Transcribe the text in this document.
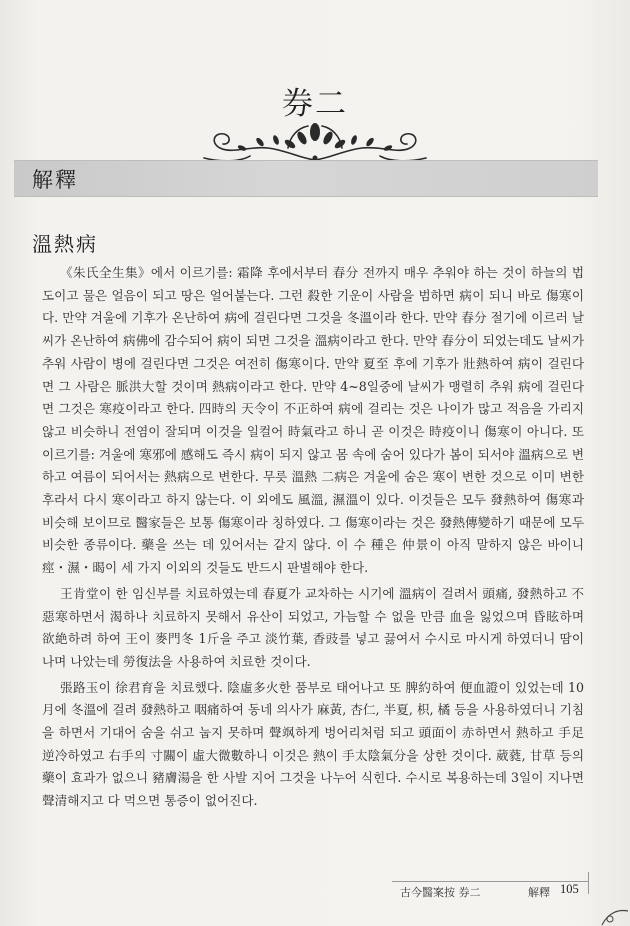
券二
解釋
溫熱病

《朱氏全生集》에서 이르기를: 霜降 후에서부터 春分 전까지 매우 추워야 하는 것이 하늘의 법도이고 물은 얼음이 되고 땅은 얼어붙는다. 그런 殺한 기운이 사람을 범하면 病이 되니 바로 傷寒이다. 만약 겨울에 기후가 온난하여 病에 걸린다면 그것을 冬溫이라 한다. 만약 春分 절기에 이르러 날씨가 온난하여 病佛에 감수되어 病이 되면 그것을 溫病이라고 한다. 만약 春分이 되었는데도 날씨가 추워 사람이 병에 걸린다면 그것은 여전히 傷寒이다. 만약 夏至 후에 기후가 壯熱하여 病이 걸린다면 그 사람은 脈洪大할 것이며 熱病이라고 한다. 만약 4~8일중에 날씨가 맹렬히 추워 病에 걸린다면 그것은 寒疫이라고 한다. 四時의 天令이 不正하여 病에 걸리는 것은 나이가 많고 적음을 가리지 않고 비슷하니 전염이 잘되며 이것을 일컬어 時氣라고 하니 곧 이것은 時疫이니 傷寒이 아니다. 또 이르기를: 겨울에 寒邪에 感해도 즉시 病이 되지 않고 몸 속에 숨어 있다가 봄이 되서야 溫病으로 변하고 여름이 되어서는 熱病으로 변한다. 무릇 溫熱 二病은 겨울에 숨은 寒이 변한 것으로 이미 변한 후라서 다시 寒이라고 하지 않는다. 이 외에도 風溫, 濕溫이 있다. 이것들은 모두 發熱하여 傷寒과 비슷해 보이므로 醫家들은 보통 傷寒이라 칭하였다. 그 傷寒이라는 것은 發熱傳變하기 때문에 모두 비슷한 종류이다. 藥을 쓰는 데 있어서는 같지 않다. 이 수 種은 仲景이 아직 말하지 않은 바이니 痙・濕・暍이 세 가지 이외의 것들도 반드시 판별해야 한다.

王肯堂이 한 임신부를 치료하였는데 春夏가 교차하는 시기에 溫病이 걸려서 頭痛, 發熱하고 不惡寒하면서 渴하나 치료하지 못해서 유산이 되었고, 가늠할 수 없을 만큼 血을 잃었으며 昏眩하며 欲絶하려 하여 王이 麥門冬 1斤을 주고 淡竹葉, 香豉를 넣고 끓여서 수시로 마시게 하였더니 땀이 나며 나았는데 勞復法을 사용하여 치료한 것이다.

張路玉이 徐君育을 치료했다. 陰虛多火한 품부로 태어나고 또 脾約하여 便血證이 있었는데 10月에 冬溫에 걸려 發熱하고 咽痛하여 동네 의사가 麻黃, 杏仁, 半夏, 枳, 橘 등을 사용하였더니 기침을 하면서 기대어 숨을 쉬고 눕지 못하며 聲飒하게 벙어리처럼 되고 頭面이 赤하면서 熱하고 手足逆冷하였고 右手의 寸關이 虛大微數하니 이것은 熱이 手太陰氣分을 상한 것이다. 葳蕤, 甘草 등의 藥이 효과가 없으니 豬膚湯을 한 사발 지어 그것을 나누어 식힌다. 수시로 복용하는데 3일이 지나면 聲清해지고 다 먹으면 통증이 없어진다.

古今醫案按 券二	解釋 105
